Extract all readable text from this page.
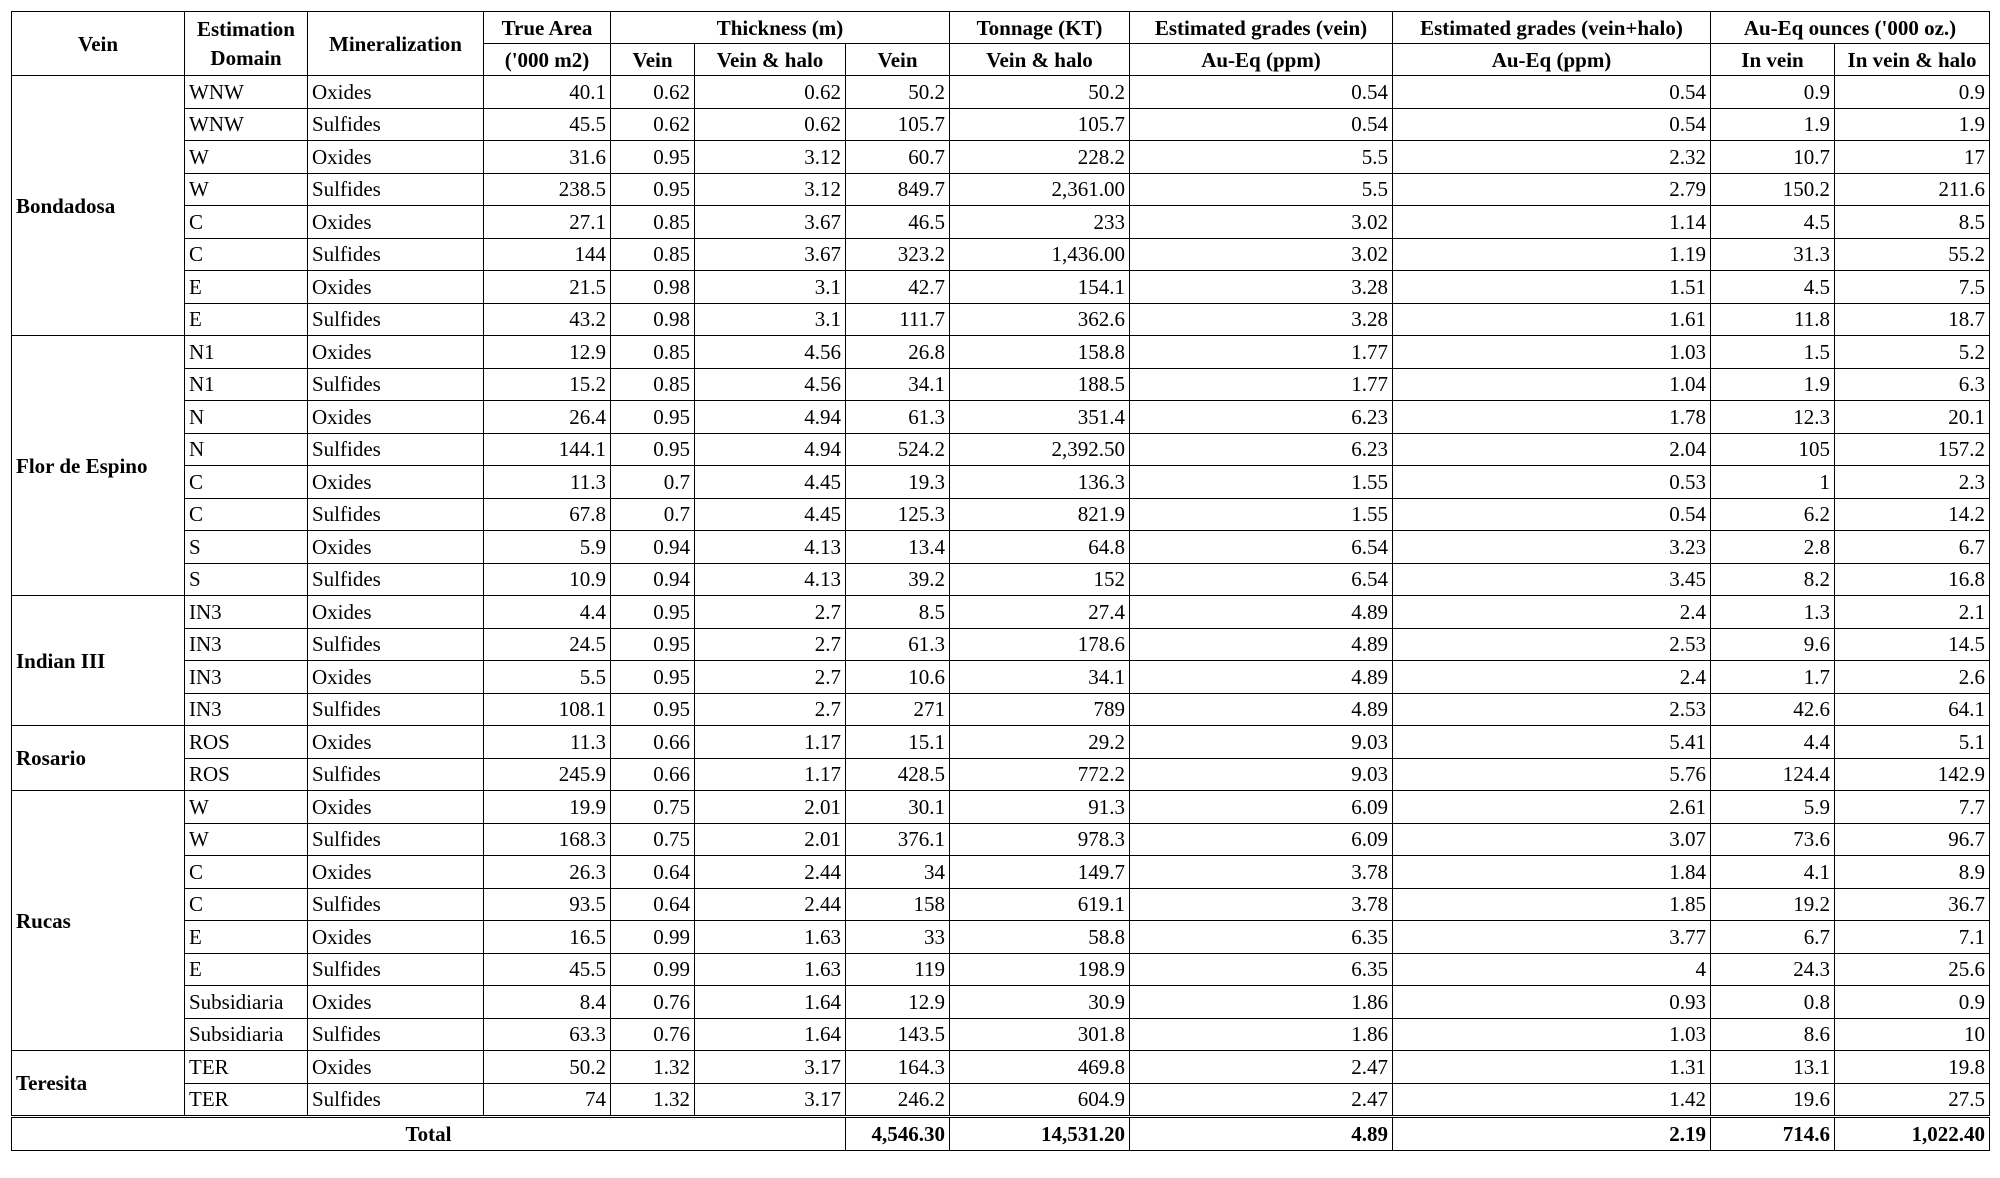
Vein	Estimation Domain	Mineralization	True Area	Thickness (m)			Tonnage (KT)	Estimated grades (vein)	Estimated grades (vein+halo)	Au-Eq ounces ('000 oz.)	
			('000 m2)	Vein	Vein & halo	Vein	Vein & halo	Au-Eq (ppm)	Au-Eq (ppm)	In vein	In vein & halo
Bondadosa	WNW	Oxides	40.1	0.62	0.62	50.2	50.2	0.54	0.54	0.9	0.9
	WNW	Sulfides	45.5	0.62	0.62	105.7	105.7	0.54	0.54	1.9	1.9
	W	Oxides	31.6	0.95	3.12	60.7	228.2	5.5	2.32	10.7	17
	W	Sulfides	238.5	0.95	3.12	849.7	2,361.00	5.5	2.79	150.2	211.6
	C	Oxides	27.1	0.85	3.67	46.5	233	3.02	1.14	4.5	8.5
	C	Sulfides	144	0.85	3.67	323.2	1,436.00	3.02	1.19	31.3	55.2
	E	Oxides	21.5	0.98	3.1	42.7	154.1	3.28	1.51	4.5	7.5
	E	Sulfides	43.2	0.98	3.1	111.7	362.6	3.28	1.61	11.8	18.7
Flor de Espino	N1	Oxides	12.9	0.85	4.56	26.8	158.8	1.77	1.03	1.5	5.2
	N1	Sulfides	15.2	0.85	4.56	34.1	188.5	1.77	1.04	1.9	6.3
	N	Oxides	26.4	0.95	4.94	61.3	351.4	6.23	1.78	12.3	20.1
	N	Sulfides	144.1	0.95	4.94	524.2	2,392.50	6.23	2.04	105	157.2
	C	Oxides	11.3	0.7	4.45	19.3	136.3	1.55	0.53	1	2.3
	C	Sulfides	67.8	0.7	4.45	125.3	821.9	1.55	0.54	6.2	14.2
	S	Oxides	5.9	0.94	4.13	13.4	64.8	6.54	3.23	2.8	6.7
	S	Sulfides	10.9	0.94	4.13	39.2	152	6.54	3.45	8.2	16.8
Indian III	IN3	Oxides	4.4	0.95	2.7	8.5	27.4	4.89	2.4	1.3	2.1
	IN3	Sulfides	24.5	0.95	2.7	61.3	178.6	4.89	2.53	9.6	14.5
	IN3	Oxides	5.5	0.95	2.7	10.6	34.1	4.89	2.4	1.7	2.6
	IN3	Sulfides	108.1	0.95	2.7	271	789	4.89	2.53	42.6	64.1
Rosario	ROS	Oxides	11.3	0.66	1.17	15.1	29.2	9.03	5.41	4.4	5.1
	ROS	Sulfides	245.9	0.66	1.17	428.5	772.2	9.03	5.76	124.4	142.9
Rucas	W	Oxides	19.9	0.75	2.01	30.1	91.3	6.09	2.61	5.9	7.7
	W	Sulfides	168.3	0.75	2.01	376.1	978.3	6.09	3.07	73.6	96.7
	C	Oxides	26.3	0.64	2.44	34	149.7	3.78	1.84	4.1	8.9
	C	Sulfides	93.5	0.64	2.44	158	619.1	3.78	1.85	19.2	36.7
	E	Oxides	16.5	0.99	1.63	33	58.8	6.35	3.77	6.7	7.1
	E	Sulfides	45.5	0.99	1.63	119	198.9	6.35	4	24.3	25.6
	Subsidiaria	Oxides	8.4	0.76	1.64	12.9	30.9	1.86	0.93	0.8	0.9
	Subsidiaria	Sulfides	63.3	0.76	1.64	143.5	301.8	1.86	1.03	8.6	10
Teresita	TER	Oxides	50.2	1.32	3.17	164.3	469.8	2.47	1.31	13.1	19.8
	TER	Sulfides	74	1.32	3.17	246.2	604.9	2.47	1.42	19.6	27.5
Total						4,546.30	14,531.20	4.89	2.19	714.6	1,022.40
